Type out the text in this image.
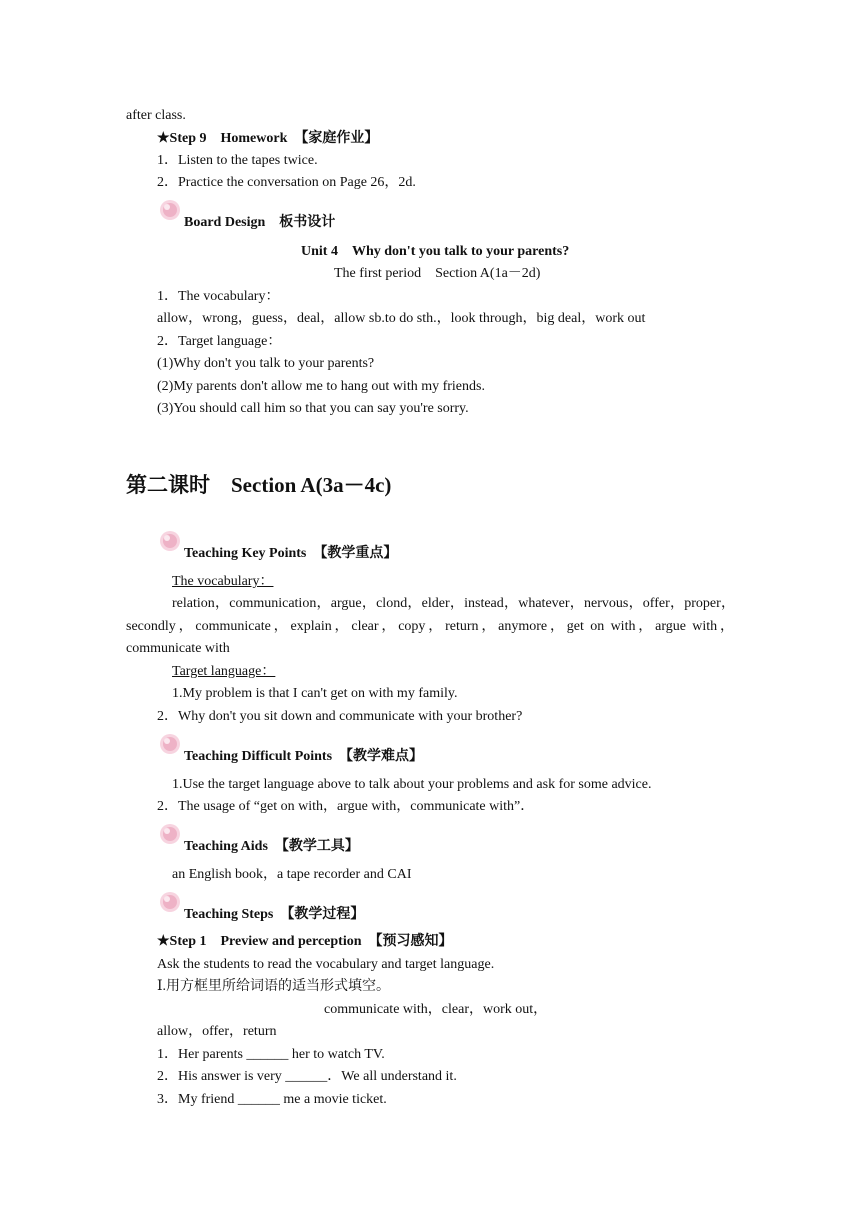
after class.
★Step 9　Homework　【家庭作业】
1．Listen to the tapes twice.
2．Practice the conversation on Page 26，2d.
Board Design　板书设计
Unit 4　Why don't you talk to your parents?
The first period　Section A(1a－2d)
1．The vocabulary：
allow，wrong，guess，deal，allow sb.to do sth.，look through，big deal，work out
2．Target language：
(1)Why don't you talk to your parents?
(2)My parents don't allow me to hang out with my friends.
(3)You should call him so that you can say you're sorry.
第二课时　Section A(3a－4c)
Teaching Key Points　【教学重点】
The vocabulary：
relation，communication，argue，clond，elder，instead，whatever，nervous，offer，proper，
secondly，communicate，explain，clear，copy，return，anymore，get on with，argue with，
communicate with
Target language：
1.My problem is that I can't get on with my family.
2．Why don't you sit down and communicate with your brother?
Teaching Difficult Points　【教学难点】
1.Use the target language above to talk about your problems and ask for some advice.
2．The usage of “get on with，argue with，communicate with”．
Teaching Aids　【教学工具】
an English book，a tape recorder and CAI
Teaching Steps　【教学过程】
★Step 1　Preview and perception　【预习感知】
Ask the students to read the vocabulary and target language.
Ⅰ.用方框里所给词语的适当形式填空。
communicate with，clear，work out，
allow，offer，return
1．Her parents ______ her to watch TV.
2．His answer is very ______．We all understand it.
3．My friend ______ me a movie ticket.
